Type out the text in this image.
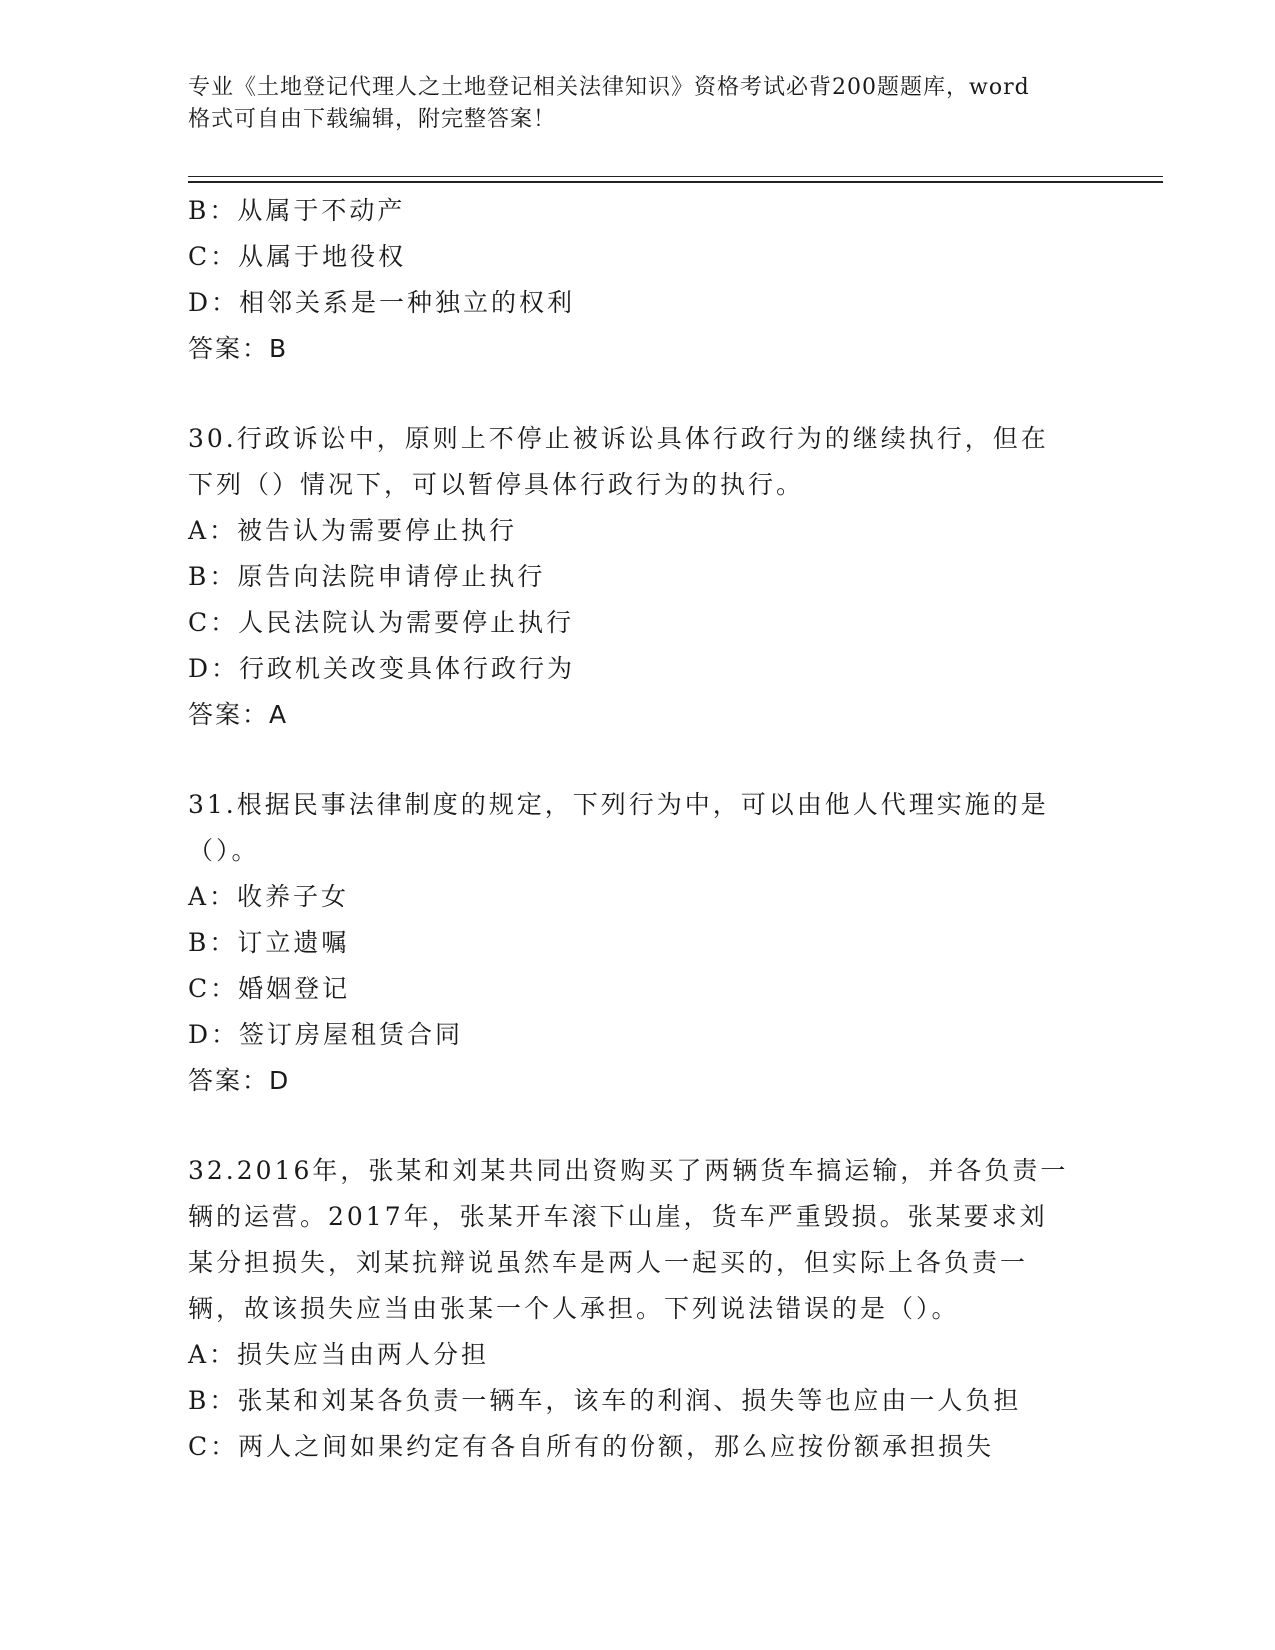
专业《土地登记代理人之土地登记相关法律知识》资格考试必背200题题库，word
格式可自由下载编辑，附完整答案！
B：从属于不动产
C：从属于地役权
D：相邻关系是一种独立的权利
答案：B
30.行政诉讼中，原则上不停止被诉讼具体行政行为的继续执行，但在
下列（）情况下，可以暂停具体行政行为的执行。
A：被告认为需要停止执行
B：原告向法院申请停止执行
C：人民法院认为需要停止执行
D：行政机关改变具体行政行为
答案：A
31.根据民事法律制度的规定，下列行为中，可以由他人代理实施的是
（）。
A：收养子女
B：订立遗嘱
C：婚姻登记
D：签订房屋租赁合同
答案：D
32.2016年，张某和刘某共同出资购买了两辆货车搞运输，并各负责一
辆的运营。2017年，张某开车滚下山崖，货车严重毁损。张某要求刘
某分担损失，刘某抗辩说虽然车是两人一起买的，但实际上各负责一
辆，故该损失应当由张某一个人承担。下列说法错误的是（）。
A：损失应当由两人分担
B：张某和刘某各负责一辆车，该车的利润、损失等也应由一人负担
C：两人之间如果约定有各自所有的份额，那么应按份额承担损失
